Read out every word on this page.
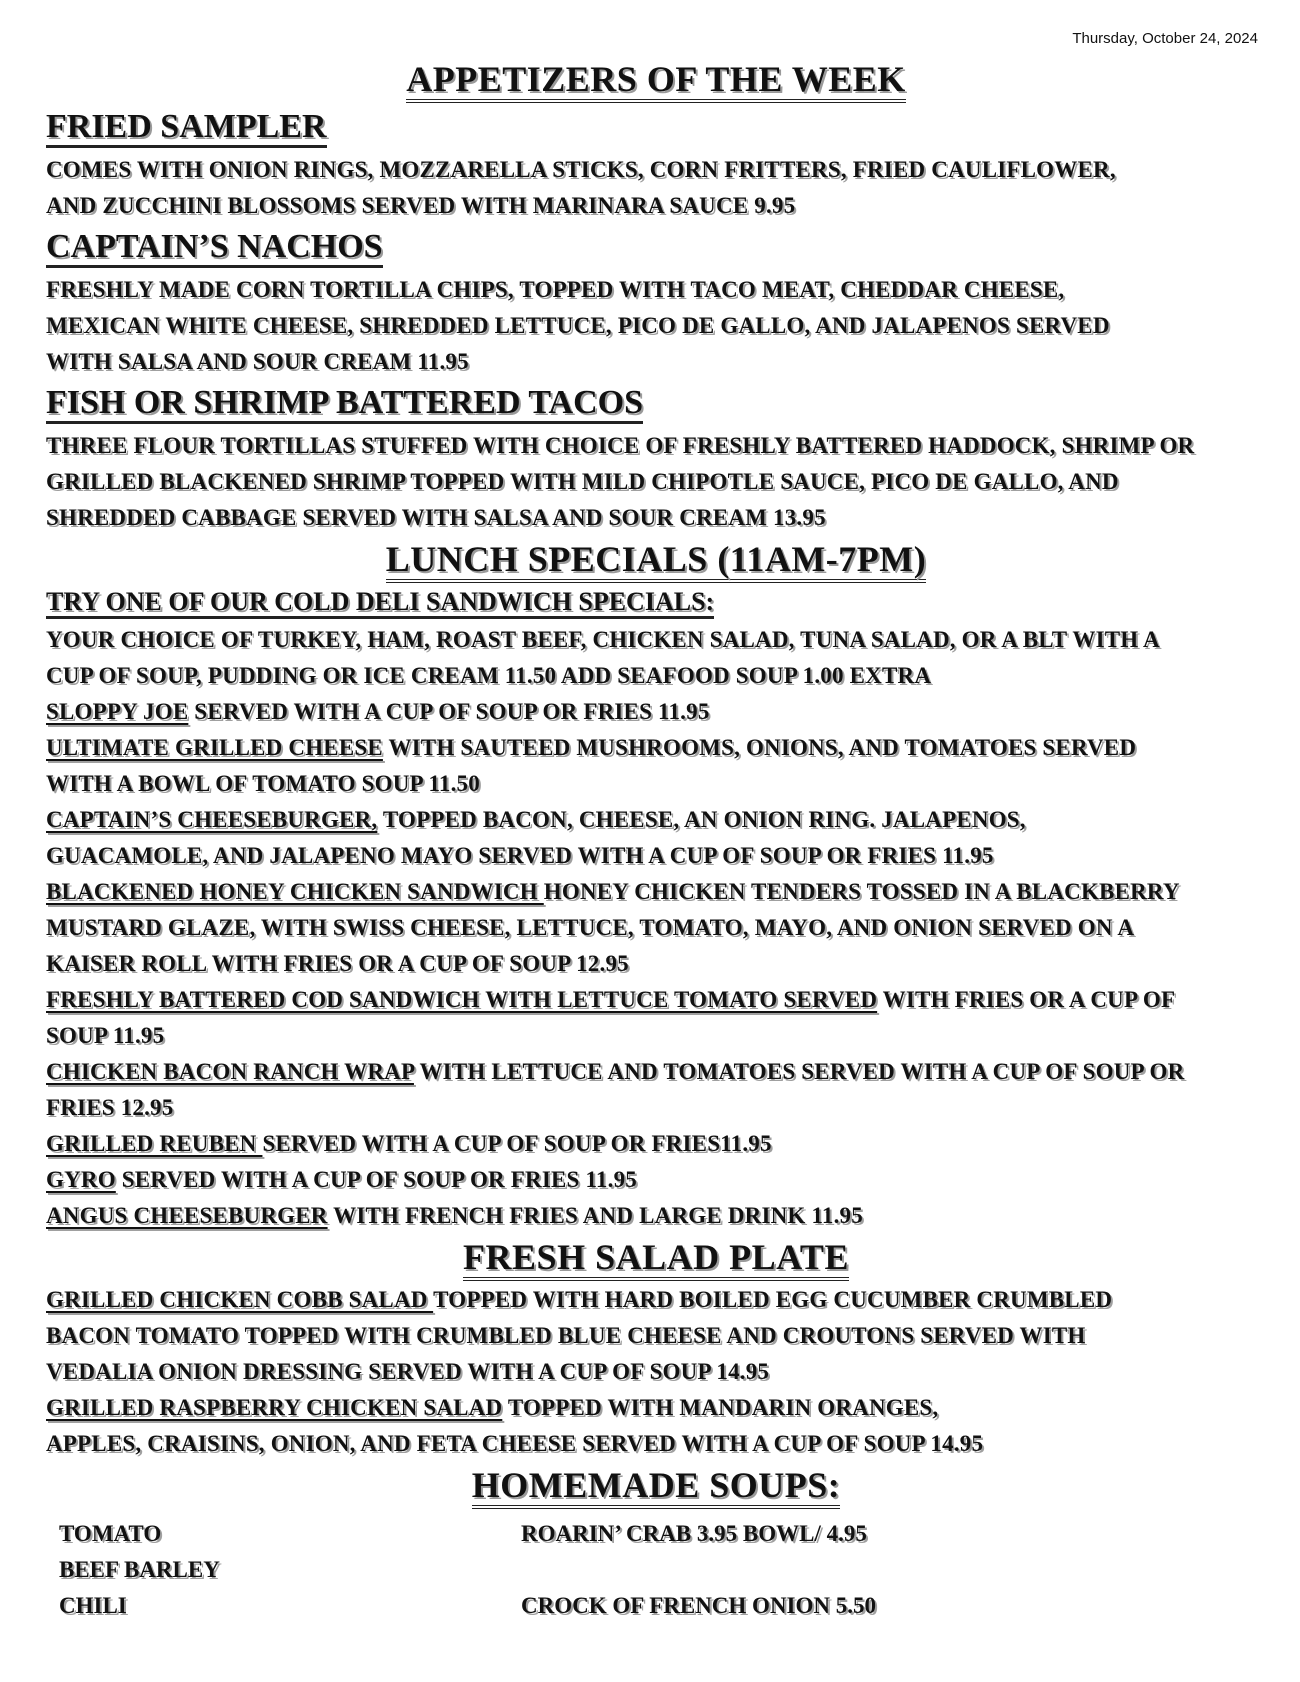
Thursday, October 24, 2024
APPETIZERS OF THE WEEK
FRIED SAMPLER
COMES WITH ONION RINGS, MOZZARELLA STICKS, CORN FRITTERS, FRIED CAULIFLOWER,
AND ZUCCHINI BLOSSOMS SERVED WITH MARINARA SAUCE 9.95
CAPTAIN’S NACHOS
FRESHLY MADE CORN TORTILLA CHIPS, TOPPED WITH TACO MEAT, CHEDDAR CHEESE,
MEXICAN WHITE CHEESE, SHREDDED LETTUCE, PICO DE GALLO, AND JALAPENOS SERVED
WITH SALSA AND SOUR CREAM 11.95
FISH OR SHRIMP BATTERED TACOS
THREE FLOUR TORTILLAS STUFFED WITH CHOICE OF FRESHLY BATTERED HADDOCK, SHRIMP OR
GRILLED BLACKENED SHRIMP TOPPED WITH MILD CHIPOTLE SAUCE, PICO DE GALLO, AND
SHREDDED CABBAGE SERVED WITH SALSA AND SOUR CREAM 13.95
LUNCH SPECIALS (11AM-7PM)
TRY ONE OF OUR COLD DELI SANDWICH SPECIALS:
YOUR CHOICE OF TURKEY, HAM, ROAST BEEF, CHICKEN SALAD, TUNA SALAD, OR A BLT WITH A
CUP OF SOUP, PUDDING OR ICE CREAM 11.50 ADD SEAFOOD SOUP 1.00 EXTRA
SLOPPY JOE SERVED WITH A CUP OF SOUP OR FRIES 11.95
ULTIMATE GRILLED CHEESE WITH SAUTEED MUSHROOMS, ONIONS, AND TOMATOES SERVED
WITH A BOWL OF TOMATO SOUP 11.50
CAPTAIN’S CHEESEBURGER, TOPPED BACON, CHEESE, AN ONION RING. JALAPENOS,
GUACAMOLE, AND JALAPENO MAYO SERVED WITH A CUP OF SOUP OR FRIES 11.95
BLACKENED HONEY CHICKEN SANDWICH HONEY CHICKEN TENDERS TOSSED IN A BLACKBERRY
MUSTARD GLAZE, WITH SWISS CHEESE, LETTUCE, TOMATO, MAYO, AND ONION SERVED ON A
KAISER ROLL WITH FRIES OR A CUP OF SOUP 12.95
FRESHLY BATTERED COD SANDWICH WITH LETTUCE TOMATO SERVED WITH FRIES OR A CUP OF
SOUP 11.95
CHICKEN BACON RANCH WRAP WITH LETTUCE AND TOMATOES SERVED WITH A CUP OF SOUP OR
FRIES 12.95
GRILLED REUBEN SERVED WITH A CUP OF SOUP OR FRIES11.95
GYRO SERVED WITH A CUP OF SOUP OR FRIES 11.95
ANGUS CHEESEBURGER WITH FRENCH FRIES AND LARGE DRINK 11.95
FRESH SALAD PLATE
GRILLED CHICKEN COBB SALAD TOPPED WITH HARD BOILED EGG CUCUMBER CRUMBLED
BACON TOMATO TOPPED WITH CRUMBLED BLUE CHEESE AND CROUTONS SERVED WITH
VEDALIA ONION DRESSING SERVED WITH A CUP OF SOUP 14.95
GRILLED RASPBERRY CHICKEN SALAD TOPPED WITH MANDARIN ORANGES,
APPLES, CRAISINS, ONION, AND FETA CHEESE SERVED WITH A CUP OF SOUP 14.95
HOMEMADE SOUPS:
TOMATO
BEEF BARLEY
CHILI
ROARIN’ CRAB 3.95 BOWL/ 4.95
CROCK OF FRENCH ONION 5.50
